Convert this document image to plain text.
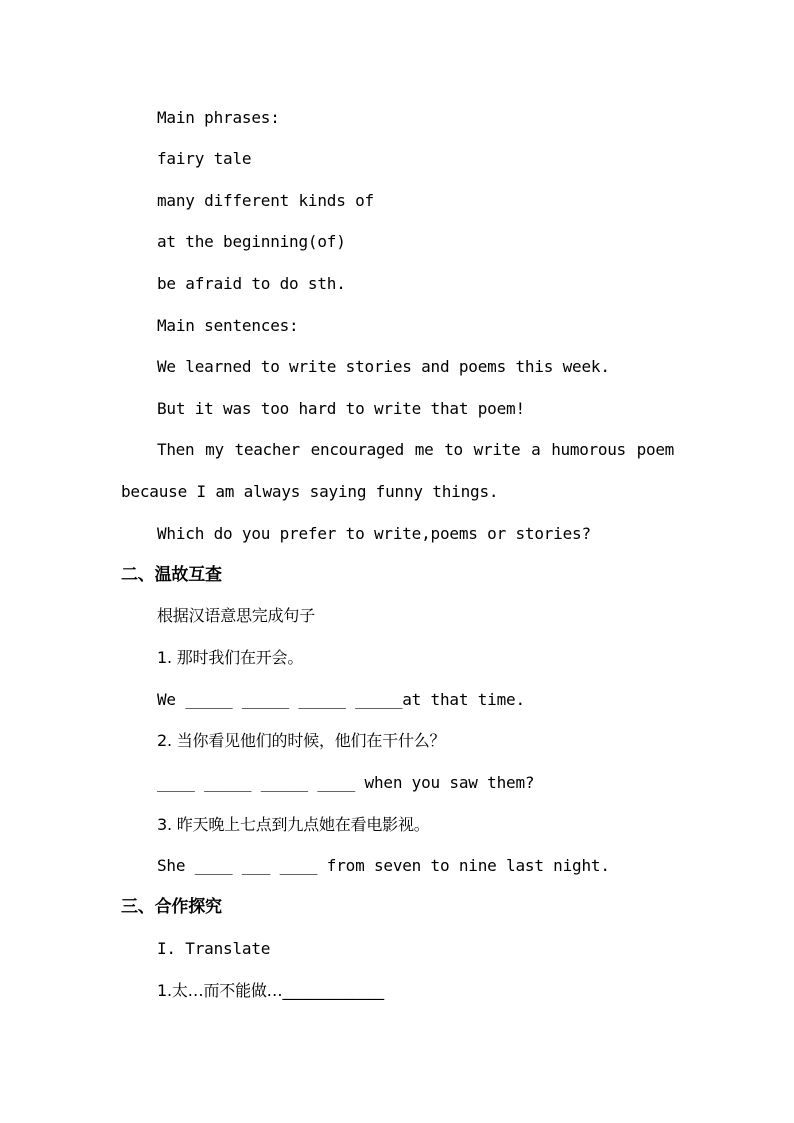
Main phrases:
fairy tale
many different kinds of
at the beginning(of)
be afraid to do sth.
Main sentences:
We learned to write stories and poems this week.
But it was too hard to write that poem!
Then my teacher encouraged me to write a humorous poem
because I am always saying funny things.
Which do you prefer to write,poems or stories?
二、温故互查
根据汉语意思完成句子
1. 那时我们在开会。
We _____ _____ _____ _____at that time.
2. 当你看见他们的时候，他们在干什么？
____ _____ _____ ____ when you saw them?
3. 昨天晚上七点到九点她在看电影视。
She ____ ___ ____ from seven to nine last night.
三、合作探究
I. Translate
1.太…而不能做…_____________
